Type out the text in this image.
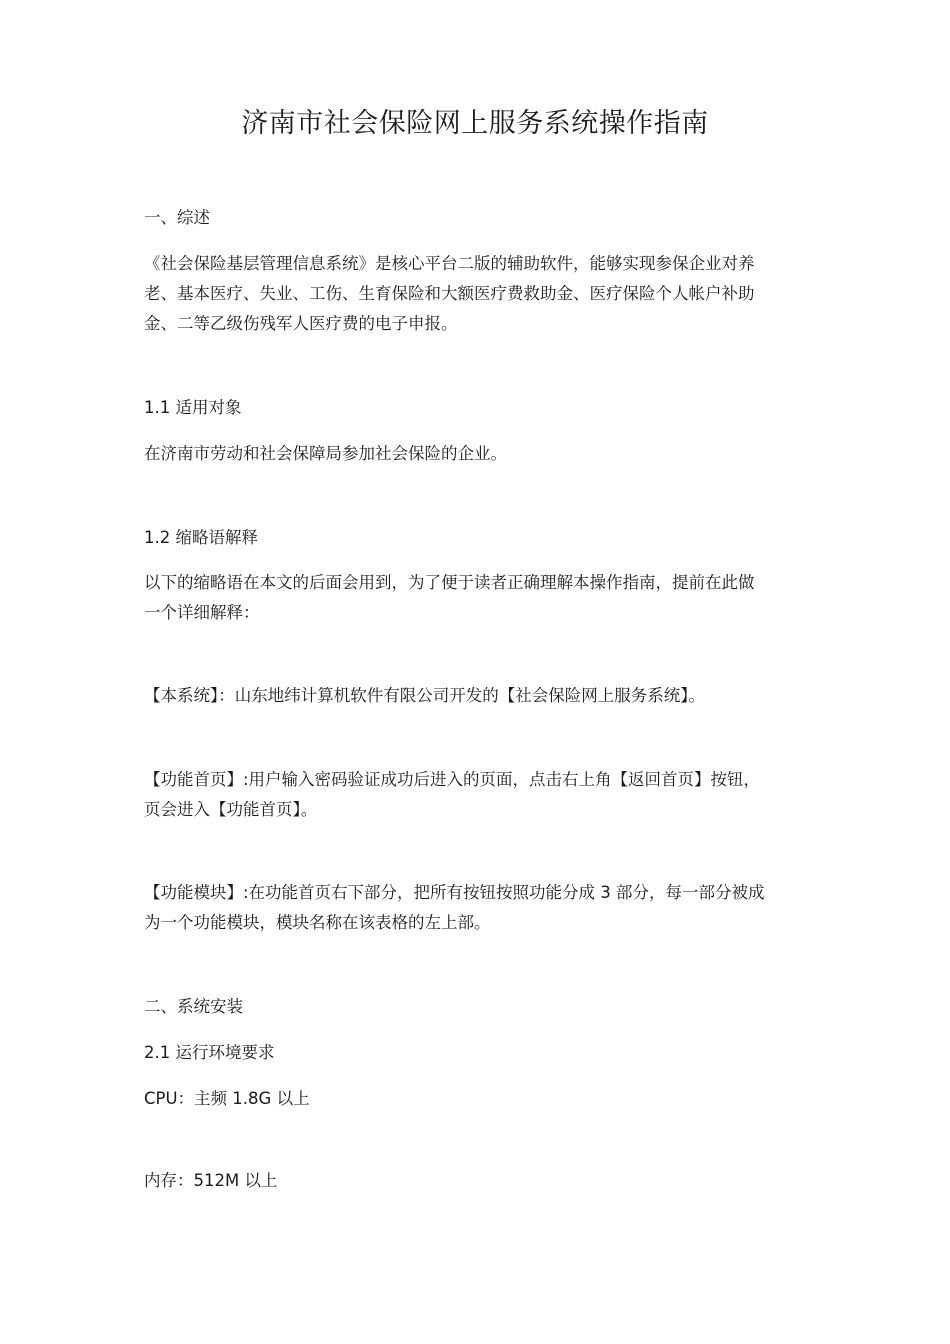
济南市社会保险网上服务系统操作指南
一、综述
《社会保险基层管理信息系统》是核心平台二版的辅助软件，能够实现参保企业对养
老、基本医疗、失业、工伤、生育保险和大额医疗费救助金、医疗保险个人帐户补助
金、二等乙级伤残军人医疗费的电子申报。
1.1 适用对象
在济南市劳动和社会保障局参加社会保险的企业。
1.2 缩略语解释
以下的缩略语在本文的后面会用到，为了便于读者正确理解本操作指南，提前在此做
一个详细解释：
【本系统】：山东地纬计算机软件有限公司开发的【社会保险网上服务系统】。
【功能首页】:用户输入密码验证成功后进入的页面，点击右上角【返回首页】按钮，
页会进入【功能首页】。
【功能模块】:在功能首页右下部分，把所有按钮按照功能分成 3 部分，每一部分被成
为一个功能模块，模块名称在该表格的左上部。
二、系统安装
2.1 运行环境要求
CPU：主频 1.8G 以上
内存：512M 以上
